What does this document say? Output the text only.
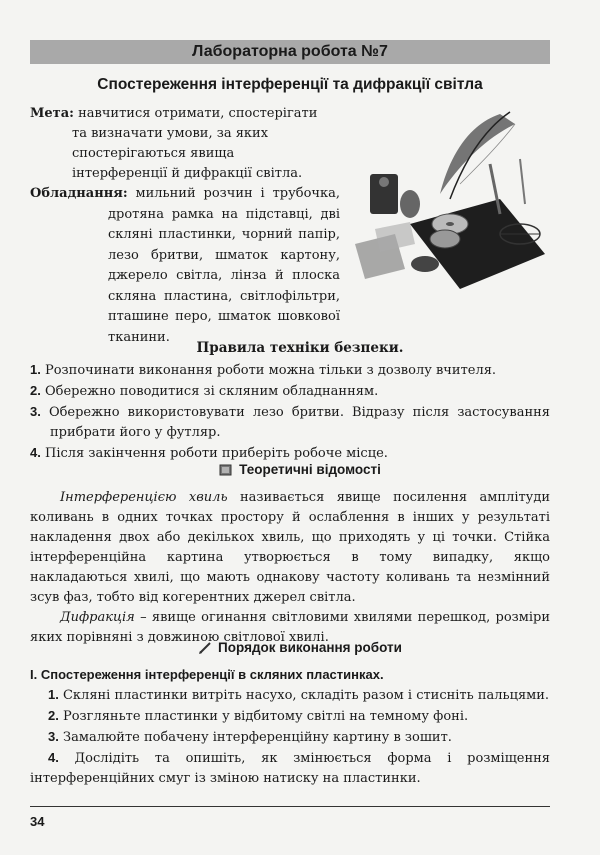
Лабораторна робота №7
Спостереження інтерференції та дифракції світла
Мета: навчитися отримати, спостерігати та визначати умови, за яких спостерігаються явища інтерференції й дифракції світла.
Обладнання: мильний розчин і трубочка, дротяна рамка на підставці, дві скляні пластинки, чорний папір, лезо бритви, шматок картону, джерело світла, лінза й плоска скляна пластина, світлофільтри, пташине перо, шматок шовкової тканини.
Правила техніки безпеки.
1. Розпочинати виконання роботи можна тільки з дозволу вчителя.
2. Обережно поводитися зі скляним обладнанням.
3. Обережно використовувати лезо бритви. Відразу після застосування прибрати його у футляр.
4. Після закінчення роботи приберіть робоче місце.
Теоретичні відомості

Інтерференцією хвиль називається явище посилення амплітуди коливань в одних точках простору й ослаблення в інших у результаті накладення двох або декількох хвиль, що приходять у ці точки. Стійка інтерференційна картина утворюється в тому випадку, якщо накладаються хвилі, що мають однакову частоту коливань та незмінний зсув фаз, тобто від когерентних джерел світла.

Дифракція – явище огинання світловими хвилями перешкод, розміри яких порівняні з довжиною світлової хвилі.

Порядок виконання роботи
I. Спостереження інтерференції в скляних пластинках.

1. Скляні пластинки витріть насухо, складіть разом і стисніть пальцями.

2. Розгляньте пластинки у відбитому світлі на темному фоні.

3. Замалюйте побачену інтерференційну картину в зошит.

4. Дослідіть та опишіть, як змінюється форма і розміщення інтерференційних смуг із зміною натиску на пластинки.

34
